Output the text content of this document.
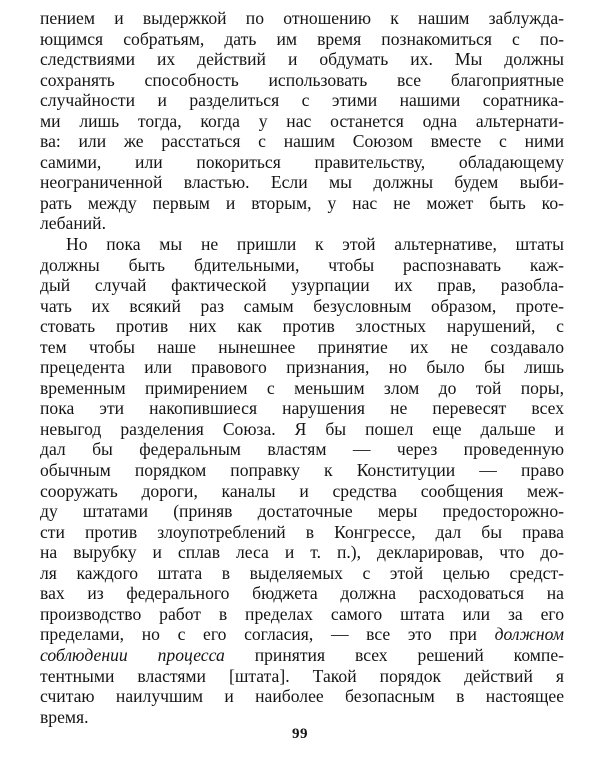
пением и выдержкой по отношению к нашим заблужда-
ющимся собратьям, дать им время познакомиться с по-
следствиями их действий и обдумать их. Мы должны
сохранять способность использовать все благоприятные
случайности и разделиться с этими нашими соратника-
ми лишь тогда, когда у нас останется одна альтернати-
ва: или же расстаться с нашим Союзом вместе с ними
самими, или покориться правительству, обладающему
неограниченной властью. Если мы должны будем выби-
рать между первым и вторым, у нас не может быть ко-
лебаний.
Но пока мы не пришли к этой альтернативе, штаты
должны быть бдительными, чтобы распознавать каж-
дый случай фактической узурпации их прав, разобла-
чать их всякий раз самым безусловным образом, проте-
стовать против них как против злостных нарушений, с
тем чтобы наше нынешнее принятие их не создавало
прецедента или правового признания, но было бы лишь
временным примирением с меньшим злом до той поры,
пока эти накопившиеся нарушения не перевесят всех
невыгод разделения Союза. Я бы пошел еще дальше и
дал бы федеральным властям — через проведенную
обычным порядком поправку к Конституции — право
сооружать дороги, каналы и средства сообщения меж-
ду штатами (приняв достаточные меры предосторожно-
сти против злоупотреблений в Конгрессе, дал бы права
на вырубку и сплав леса и т. п.), декларировав, что до-
ля каждого штата в выделяемых с этой целью средст-
вах из федерального бюджета должна расходоваться на
производство работ в пределах самого штата или за его
пределами, но с его согласия, — все это при должном
соблюдении процесса принятия всех решений компе-
тентными властями [штата]. Такой порядок действий я
считаю наилучшим и наиболее безопасным в настоящее
время.
99
